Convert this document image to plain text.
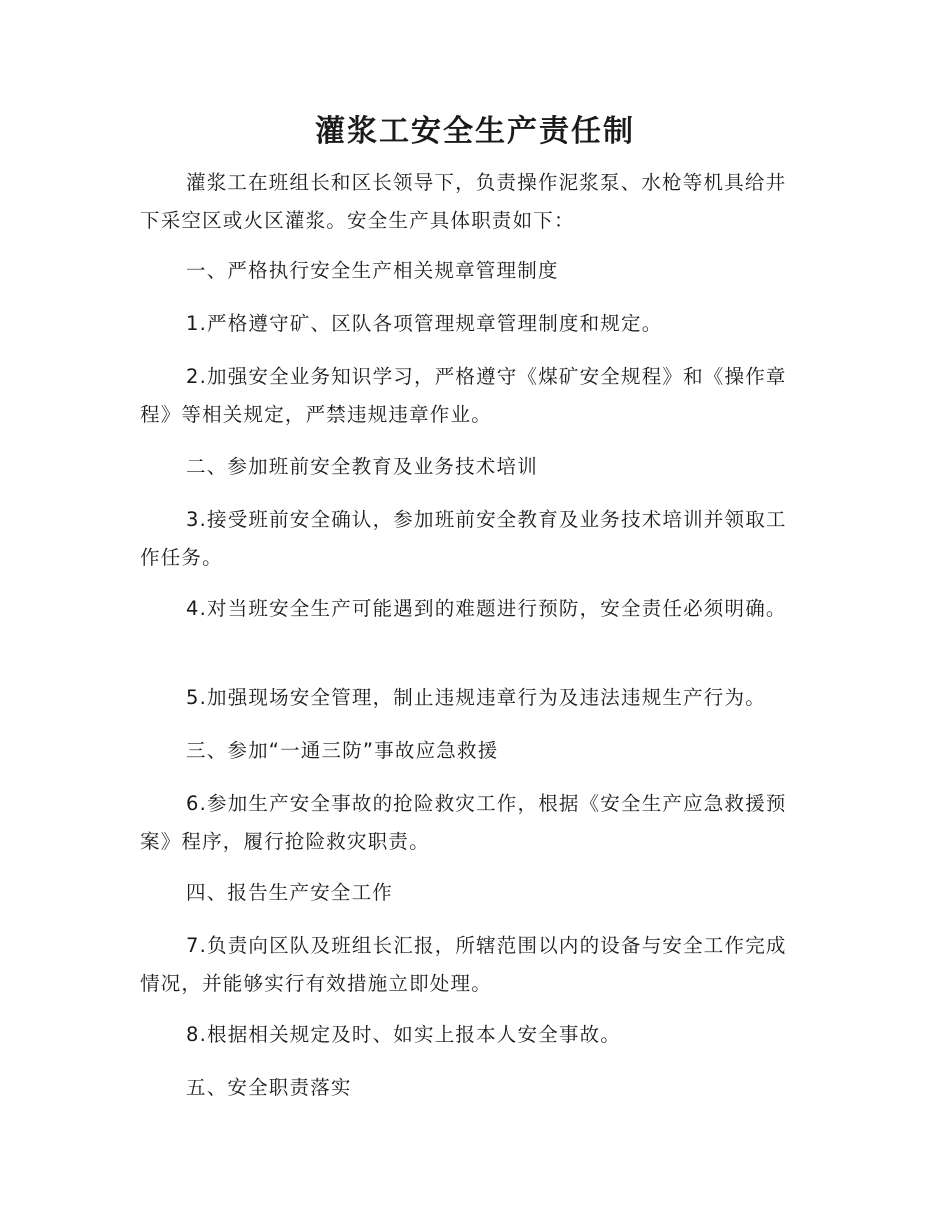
灌浆工安全生产责任制

灌浆工在班组长和区长领导下，负责操作泥浆泵、水枪等机具给井下采空区或火区灌浆。安全生产具体职责如下：

一、严格执行安全生产相关规章管理制度

1.严格遵守矿、区队各项管理规章管理制度和规定。

2.加强安全业务知识学习，严格遵守《煤矿安全规程》和《操作章程》等相关规定，严禁违规违章作业。

二、参加班前安全教育及业务技术培训

3.接受班前安全确认，参加班前安全教育及业务技术培训并领取工作任务。

4.对当班安全生产可能遇到的难题进行预防，安全责任必须明确。

5.加强现场安全管理，制止违规违章行为及违法违规生产行为。

三、参加“一通三防”事故应急救援

6.参加生产安全事故的抢险救灾工作，根据《安全生产应急救援预案》程序，履行抢险救灾职责。

四、报告生产安全工作

7.负责向区队及班组长汇报，所辖范围以内的设备与安全工作完成情况，并能够实行有效措施立即处理。

8.根据相关规定及时、如实上报本人安全事故。

五、安全职责落实
